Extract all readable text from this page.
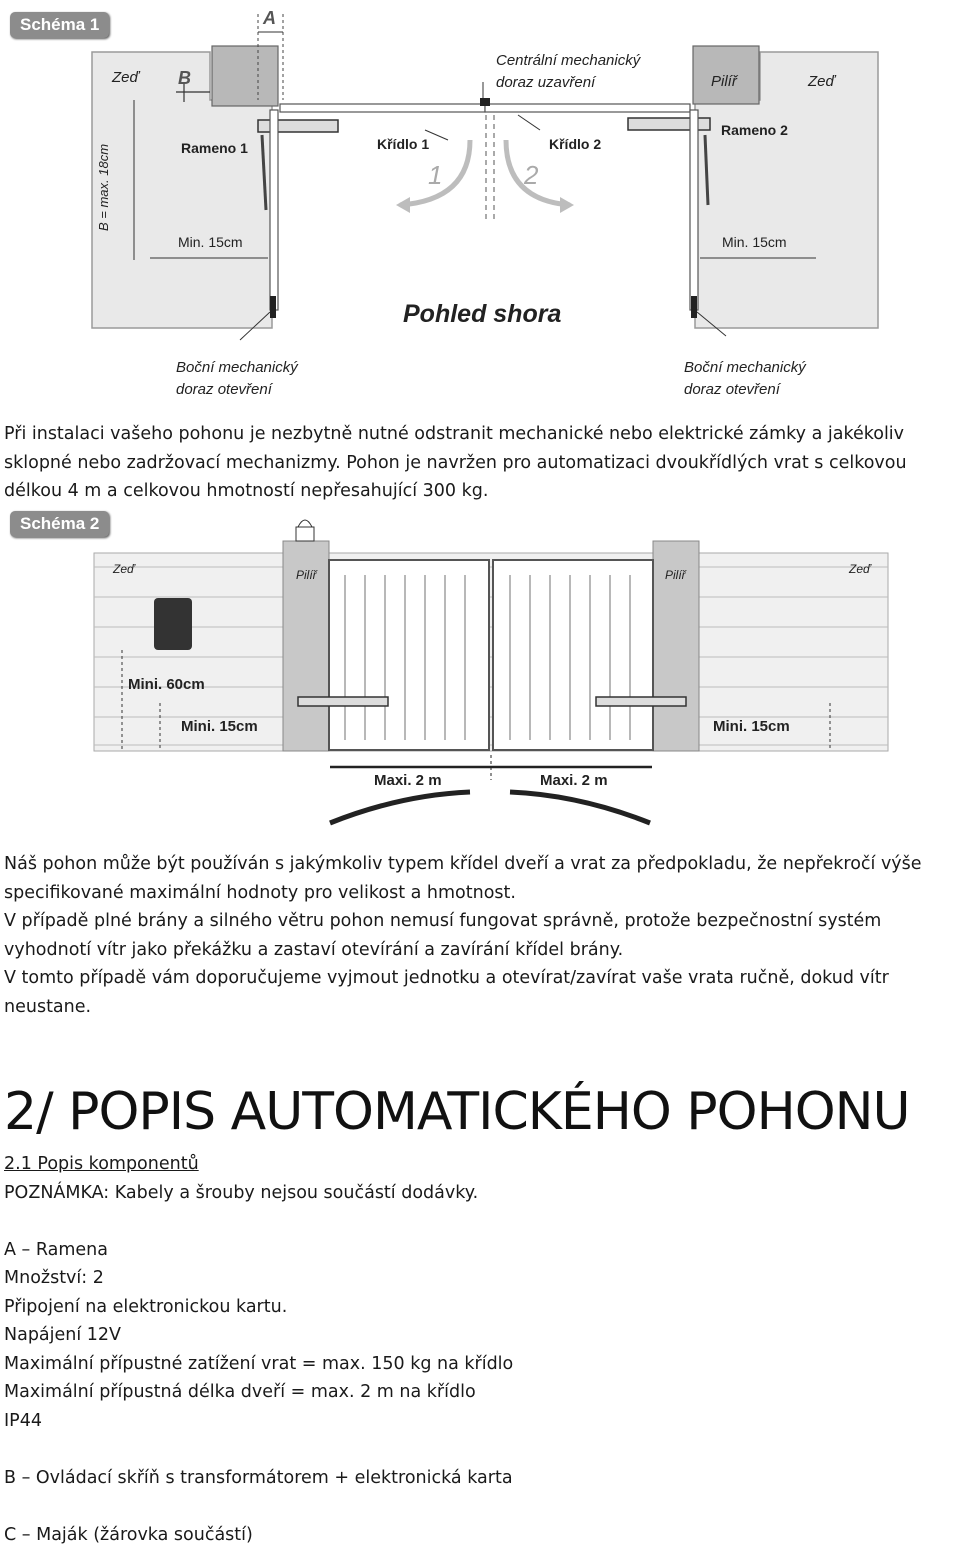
Schéma 1	A
B
Zeď	Zeď
Pilíř
Centrální mechanický
doraz uzavření
Rameno 1
Rameno 2
Křídlo 1	Křídlo 2
1	2
B = max. 18cm
Min. 15cm	Min. 15cm
Pohled shora
Boční mechanický
doraz otevření
Boční mechanický
doraz otevření

Při instalaci vašeho pohonu je nezbytně nutné odstranit mechanické nebo elektrické zámky a jakékoliv sklopné nebo zadržovací mechanizmy. Pohon je navržen pro automatizaci dvoukřídlých vrat s celkovou délkou 4 m a celkovou hmotností nepřesahující 300 kg.

Schéma 2
Zeď	Zeď
Pilíř	Pilíř
Mini. 60cm
Mini. 15cm	Mini. 15cm
Maxi. 2 m	Maxi. 2 m

Náš pohon může být používán s jakýmkoliv typem křídel dveří a vrat za předpokladu, že nepřekročí výše specifikované maximální hodnoty pro velikost a hmotnost.

V případě plné brány a silného větru pohon nemusí fungovat správně, protože bezpečnostní systém vyhodnotí vítr jako překážku a zastaví otevírání a zavírání křídel brány.

V tomto případě vám doporučujeme vyjmout jednotku a otevírat/zavírat vaše vrata ručně, dokud vítr neustane.

2/ POPIS AUTOMATICKÉHO POHONU

2.1 Popis komponentů

POZNÁMKA: Kabely a šrouby nejsou součástí dodávky.

A – Ramena

Množství: 2

Připojení na elektronickou kartu.

Napájení 12V

Maximální přípustné zatížení vrat = max. 150 kg na křídlo

Maximální přípustná délka dveří = max. 2 m na křídlo

IP44

B – Ovládací skříň s transformátorem + elektronická karta

C – Maják (žárovka součástí)
